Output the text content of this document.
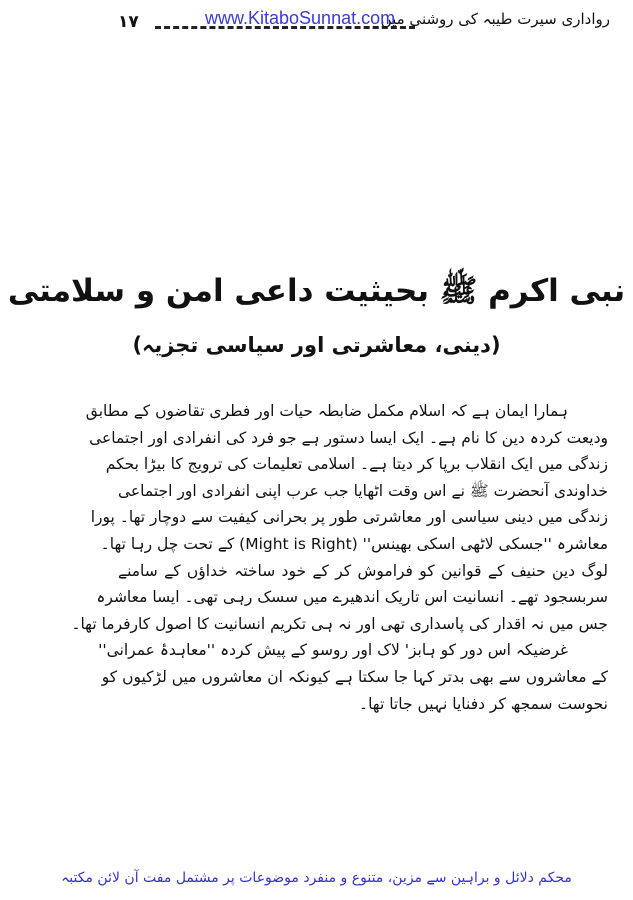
۱۷	رواداری سیرت طیبہ کی روشنی میں
www.KitaboSunnat.com
نبی اکرم ﷺ بحیثیت داعی امن و سلامتی
(دینی، معاشرتی اور سیاسی تجزیہ)
ہمارا ایمان ہے کہ اسلام مکمل ضابطہ حیات اور فطری تقاضوں کے مطابق
ودیعت کردہ دین کا نام ہے۔ ایک ایسا دستور ہے جو فرد کی انفرادی اور اجتماعی
زندگی میں ایک انقلاب برپا کر دیتا ہے۔ اسلامی تعلیمات کی ترویج کا بیڑا بحکم
خداوندی آنحضرت ﷺ نے اس وقت اٹھایا جب عرب اپنی انفرادی اور اجتماعی
زندگی میں دینی سیاسی اور معاشرتی طور پر بحرانی کیفیت سے دوچار تھا۔ پورا
معاشرہ ''جسکی لاٹھی اسکی بھینس'' (Might is Right) کے تحت چل رہا تھا۔
لوگ دین حنیف کے قوانین کو فراموش کر کے خود ساختہ خداؤں کے سامنے
سربسجود تھے۔ انسانیت اس تاریک اندھیرے میں سسک رہی تھی۔ ایسا معاشرہ
جس میں نہ اقدار کی پاسداری تھی اور نہ ہی تکریم انسانیت کا اصول کارفرما تھا۔
غرضیکہ اس دور کو ہابز' لاک اور روسو کے پیش کردہ ''معاہدۂ عمرانی''
کے معاشروں سے بھی بدتر کہا جا سکتا ہے کیونکہ ان معاشروں میں لڑکیوں کو
نحوست سمجھ کر دفنایا نہیں جاتا تھا۔
محکم دلائل و براہین سے مزین، متنوع و منفرد موضوعات پر مشتمل مفت آن لائن مکتبہ
